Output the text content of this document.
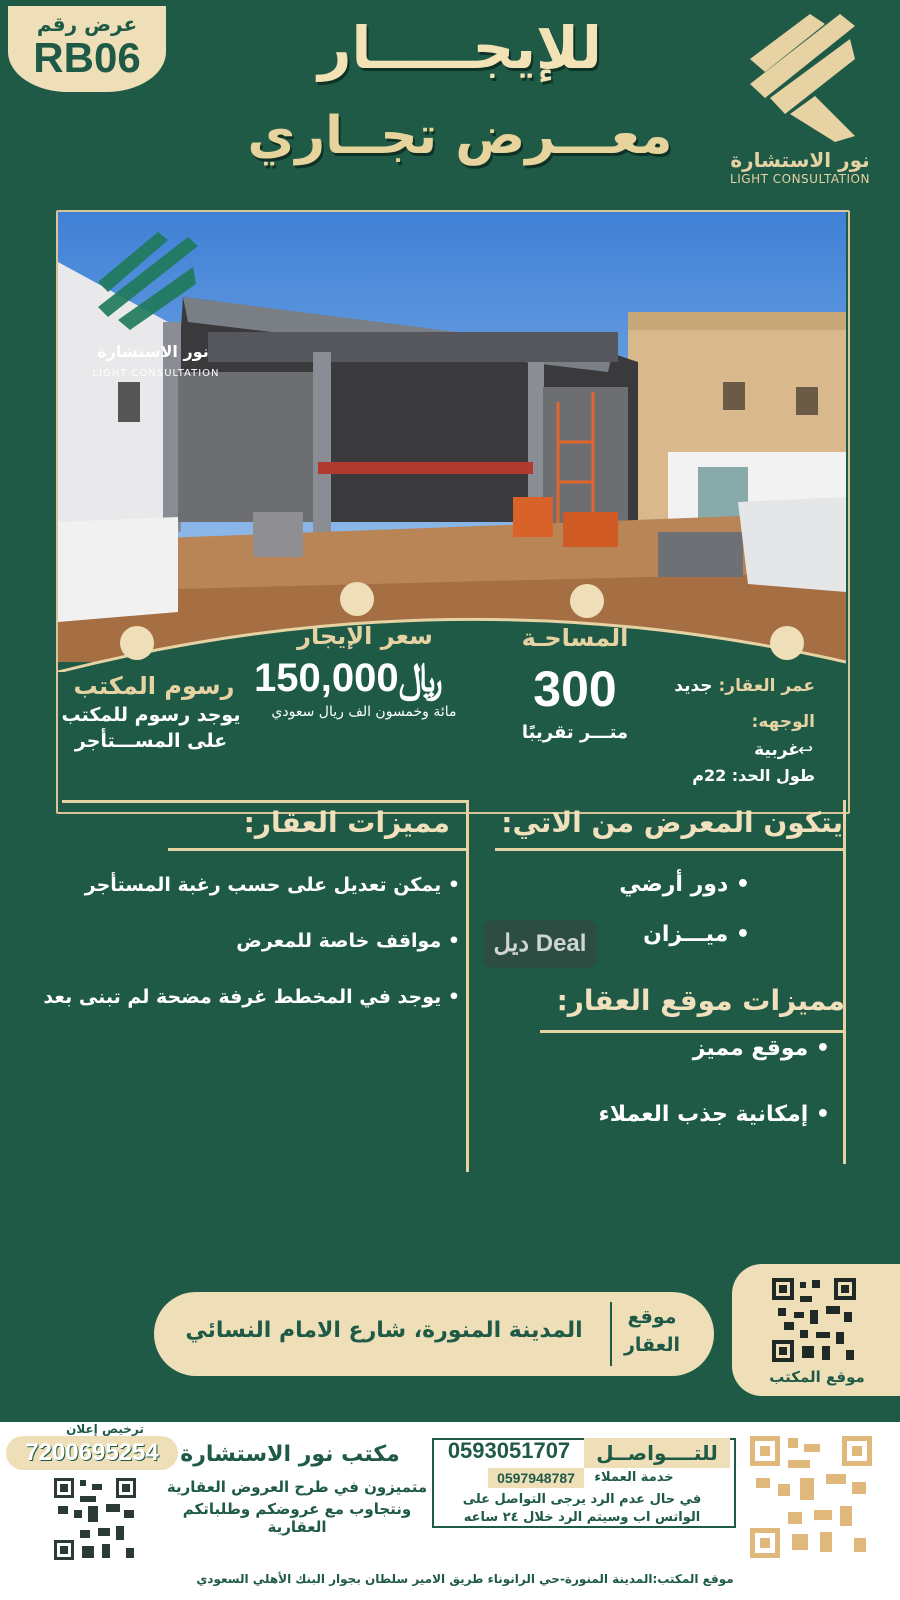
عرض رقم
RB06	للإيجـــــار
معـــرض تجــاري	نور الاستشارة
LIGHT CONSULTATION
نور الاستشارة
LIGHT CONSULTATION
رسوم المكتب
يوجد رسوم للمكتب
على المســـتأجر
سعر الإيجار
﷼150,000
مائة وخمسون الف ريال سعودي
المساحـة
300
متـــر تقريبًا
عمر العقار: جديد
الوجهه:
غربية
↩
طول الحد: 22م
مميزات العقار:
• يمكن تعديل على حسب رغبة المستأجر
• مواقف خاصة للمعرض
• يوجد في المخطط غرفة مضحة لم تبنى بعد
يتكون المعرض من الاتي:
• دور أرضي
• ميـــزان
ديل Deal
مميزات موقع العقار:
• موقع مميز
• إمكانية جذب العملاء
موقع
العقار
المدينة المنورة، شارع الامام النسائي
موقع المكتب
ترخيص إعلان
7200695254 مكتب نور الاستشارة
متميزون في طرح العروض العقارية
ونتجاوب مع عروضكم وطلباتكم العقارية
للتــــواصــل
0593051707
خدمة العملاء
0597948787
في حال عدم الرد يرجى التواصل على
الواتس اب وسيتم الرد خلال ٢٤ ساعه
موقع المكتب:المدينة المنورة-حي الرانوناء طريق الامير سلطان بجوار البنك الأهلي السعودي
